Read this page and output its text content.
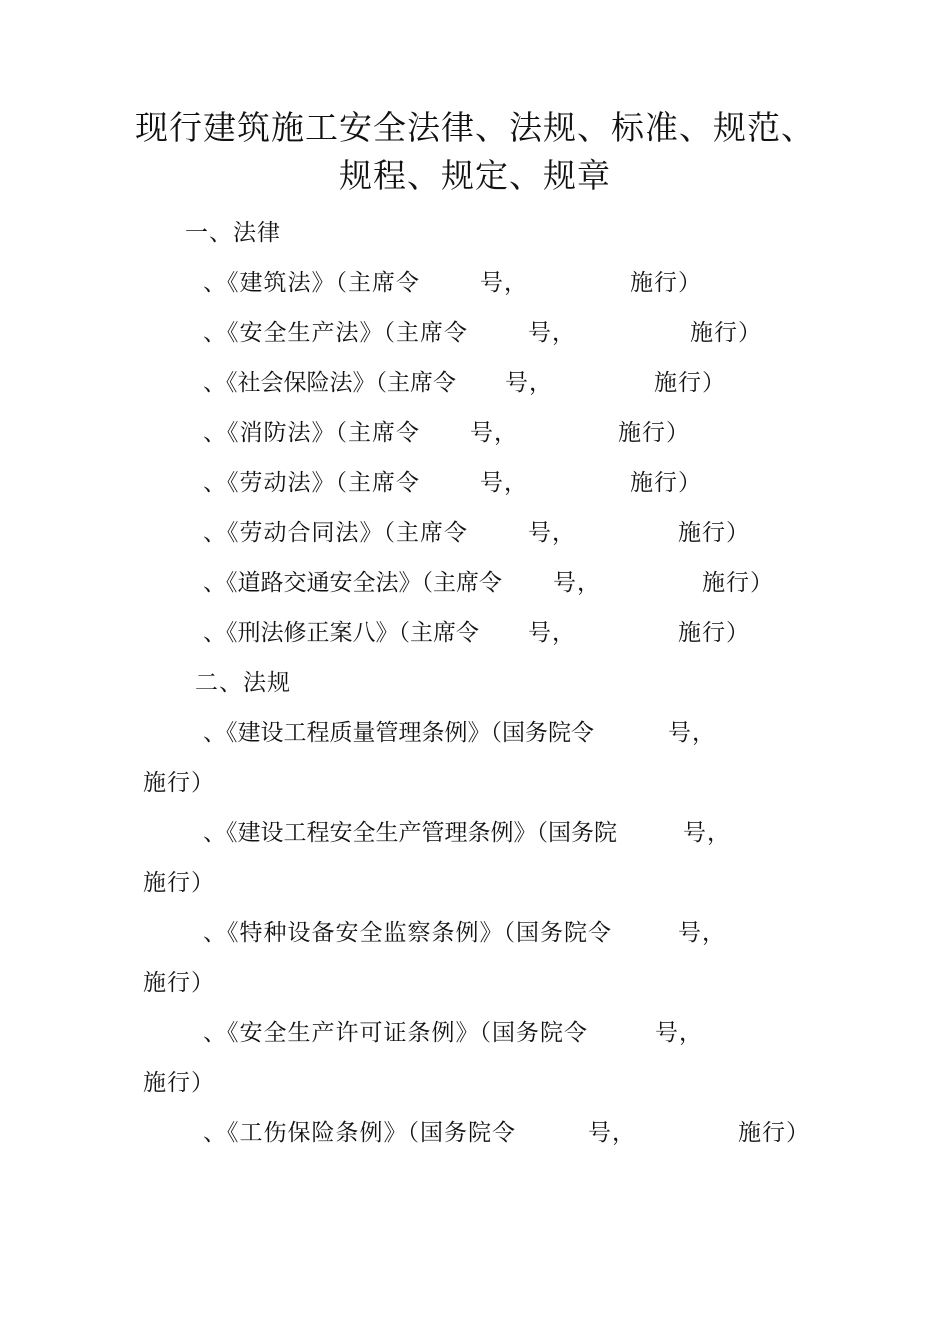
现行建筑施工安全法律、法规、标准、规范、
规程、规定、规章
一、法律
、《建筑法》（主席令	号，	施行）
、《安全生产法》（主席令	号，	施行）
、《社会保险法》（主席令 号，	施行）
、《消防法》（主席令 号，	施行）
、《劳动法》（主席令	号，	施行）
、《劳动合同法》（主席令	号，	施行）
、《道路交通安全法》（主席令 号，	施行）
、《刑法修正案八》（主席令 号，	施行）
二、法规
、《建设工程质量管理条例》（国务院令	号，
施行）
、《建设工程安全生产管理条例》（国务院	号，
施行）
、《特种设备安全监察条例》（国务院令	号，
施行）
、《安全生产许可证条例》（国务院令	号，
施行）
、《工伤保险条例》（国务院令	号，	施行）
